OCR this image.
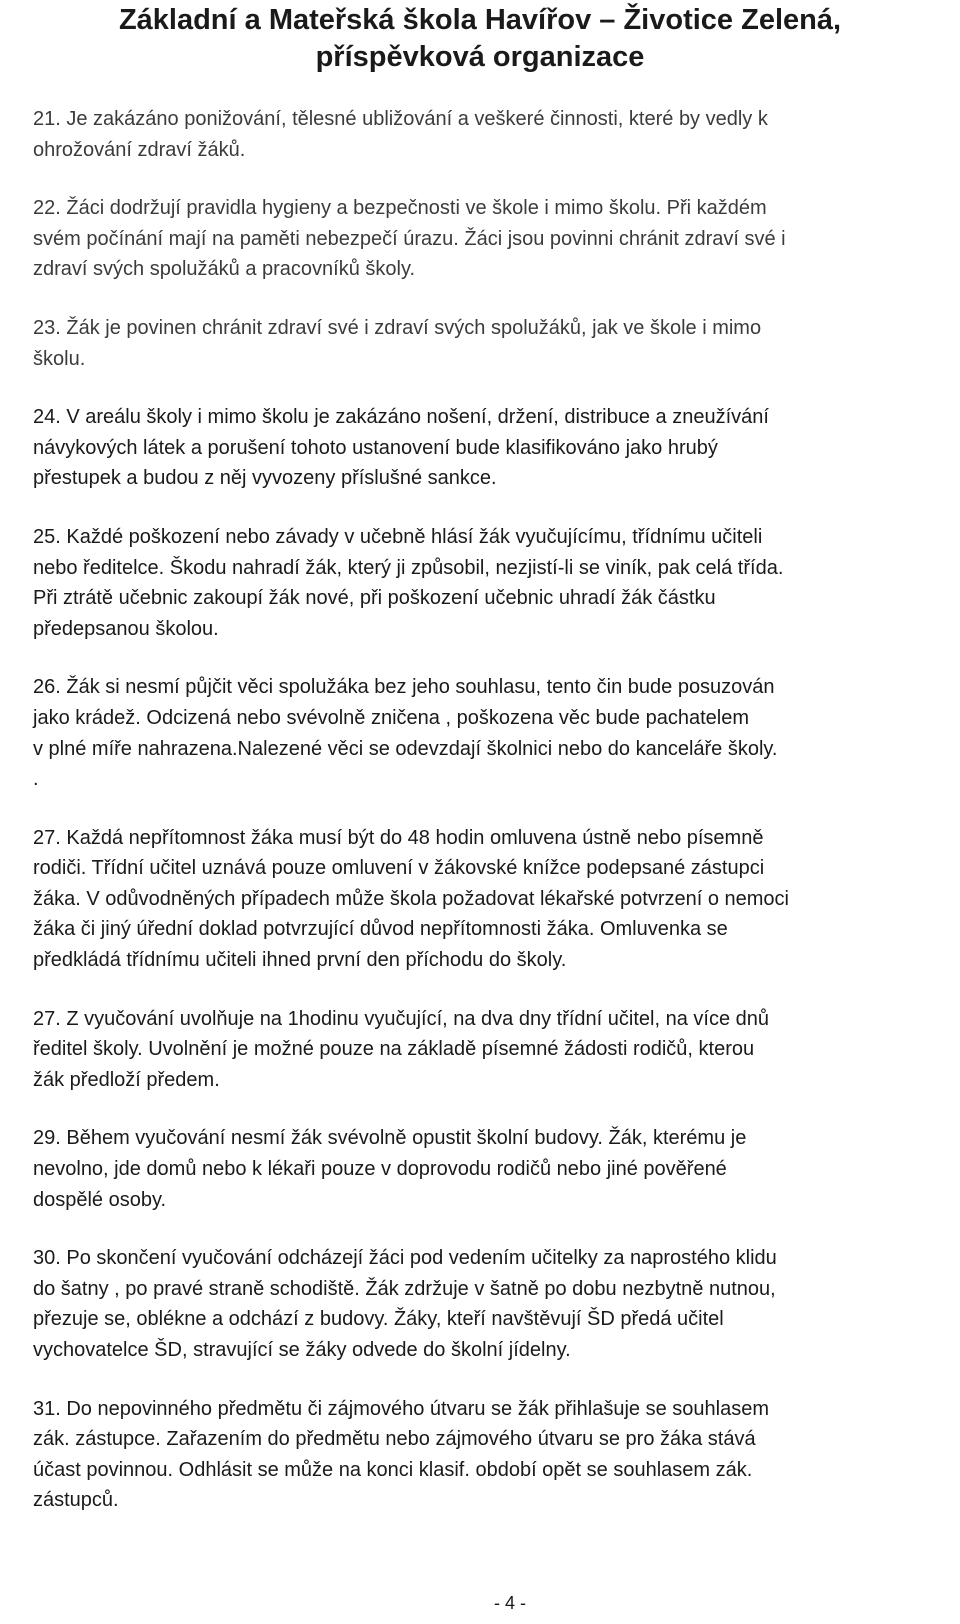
Základní a Mateřská škola Havířov – Životice Zelená,
příspěvková organizace
21. Je zakázáno ponižování, tělesné ubližování a veškeré činnosti, které by vedly k
ohrožování zdraví žáků.
22. Žáci dodržují pravidla hygieny a bezpečnosti ve škole i mimo školu. Při každém
svém počínání mají na paměti nebezpečí úrazu. Žáci jsou povinni chránit zdraví své i
zdraví svých spolužáků a pracovníků školy.
23. Žák je povinen chránit zdraví své i zdraví svých spolužáků, jak ve škole i mimo
školu.
24. V areálu školy i mimo školu je zakázáno nošení, držení, distribuce a zneužívání
návykových látek a porušení tohoto ustanovení bude klasifikováno jako hrubý
přestupek a budou z něj vyvozeny příslušné sankce.
25. Každé poškození nebo závady v učebně hlásí žák vyučujícímu, třídnímu učiteli
nebo ředitelce. Škodu nahradí žák, který ji způsobil, nezjistí-li se viník, pak celá třída.
Při ztrátě učebnic zakoupí žák nové, při poškození učebnic uhradí žák částku
předepsanou školou.
26. Žák si nesmí půjčit věci spolužáka bez jeho souhlasu, tento čin bude posuzován
jako krádež. Odcizená nebo svévolně zničena , poškozena věc bude pachatelem
v plné míře nahrazena.Nalezené věci se odevzdají školnici nebo do kanceláře školy.
.
27. Každá nepřítomnost žáka musí být do 48 hodin omluvena ústně nebo písemně
rodiči. Třídní učitel uznává pouze omluvení v žákovské knížce podepsané zástupci
žáka. V odůvodněných případech může škola požadovat lékařské potvrzení o nemoci
žáka či jiný úřední doklad potvrzující důvod nepřítomnosti žáka. Omluvenka se
předkládá třídnímu učiteli ihned první den příchodu do školy.
27. Z vyučování uvolňuje na 1hodinu vyučující, na dva dny třídní učitel, na více dnů
ředitel školy. Uvolnění je možné pouze na základě písemné žádosti rodičů, kterou
žák předloží předem.
29. Během vyučování nesmí žák svévolně opustit školní budovy. Žák, kterému je
nevolno, jde domů nebo k lékaři pouze v doprovodu rodičů nebo jiné pověřené
dospělé osoby.
30. Po skončení vyučování odcházejí žáci pod vedením učitelky za naprostého klidu
do šatny , po pravé straně schodiště. Žák zdržuje v šatně po dobu nezbytně nutnou,
přezuje se, oblékne a odchází z budovy. Žáky, kteří navštěvují ŠD předá učitel
vychovatelce ŠD, stravující se žáky odvede do školní jídelny.
31. Do nepovinného předmětu či zájmového útvaru se žák přihlašuje se souhlasem
zák. zástupce. Zařazením do předmětu nebo zájmového útvaru se pro žáka stává
účast povinnou. Odhlásit se může na konci klasif. období opět se souhlasem zák.
zástupců.
- 4 -
